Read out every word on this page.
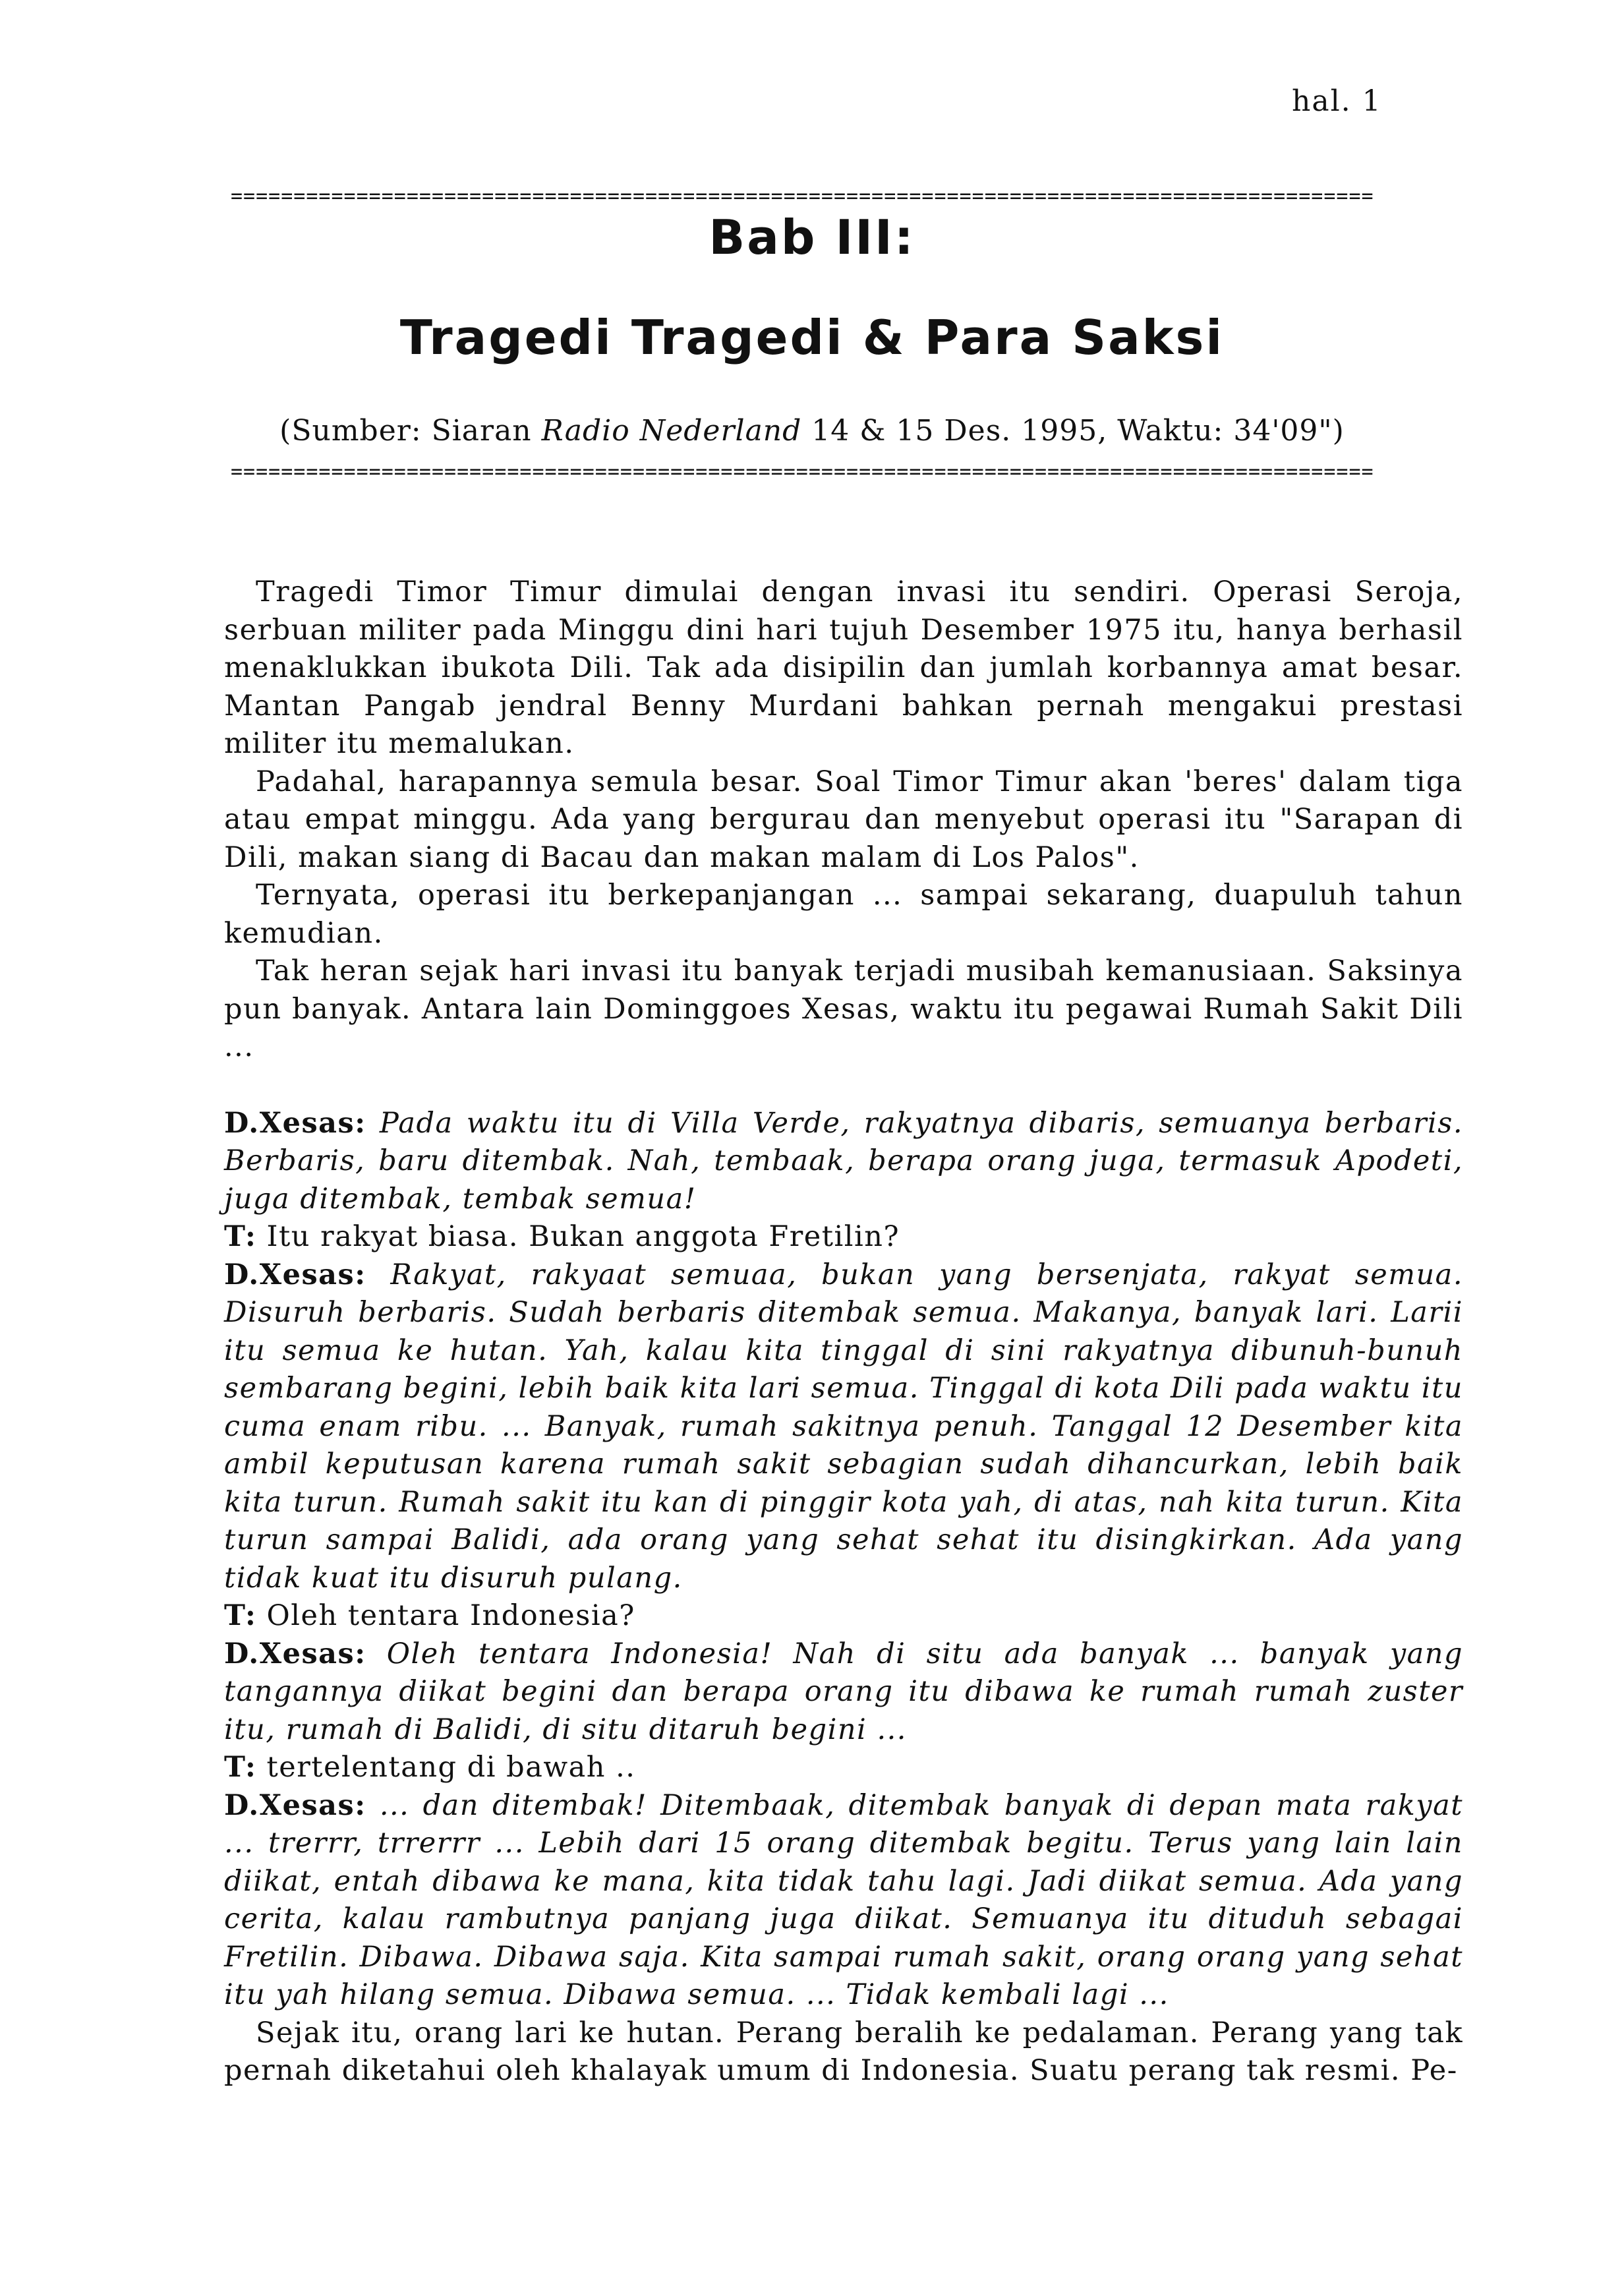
hal. 1
===========================================================================================
Bab III:
Tragedi Tragedi & Para Saksi
(Sumber: Siaran Radio Nederland 14 & 15 Des. 1995, Waktu: 34'09")
===========================================================================================

Tragedi Timor Timur dimulai dengan invasi itu sendiri. Operasi Seroja, serbuan militer pada Minggu dini hari tujuh Desember 1975 itu, hanya berhasil menaklukkan ibukota Dili. Tak ada disipilin dan jumlah korbannya amat besar. Mantan Pangab jendral Benny Murdani bahkan pernah mengakui prestasi militer itu memalukan.

Padahal, harapannya semula besar. Soal Timor Timur akan 'beres' dalam tiga atau empat minggu. Ada yang bergurau dan menyebut operasi itu "Sarapan di Dili, makan siang di Bacau dan makan malam di Los Palos".

Ternyata, operasi itu berkepanjangan ... sampai sekarang, duapuluh tahun kemudian.

Tak heran sejak hari invasi itu banyak terjadi musibah kemanusiaan. Saksinya pun banyak. Antara lain Dominggoes Xesas, waktu itu pegawai Rumah Sakit Dili ...

D.Xesas: Pada waktu itu di Villa Verde, rakyatnya dibaris, semuanya berbaris. Berbaris, baru ditembak. Nah, tembaak, berapa orang juga, termasuk Apodeti, juga ditembak, tembak semua!

T: Itu rakyat biasa. Bukan anggota Fretilin?

D.Xesas: Rakyat, rakyaat semuaa, bukan yang bersenjata, rakyat semua. Disuruh berbaris. Sudah berbaris ditembak semua. Makanya, banyak lari. Larii itu semua ke hutan. Yah, kalau kita tinggal di sini rakyatnya dibunuh-bunuh sembarang begini, lebih baik kita lari semua. Tinggal di kota Dili pada waktu itu cuma enam ribu. ... Banyak, rumah sakitnya penuh. Tanggal 12 Desember kita ambil keputusan karena rumah sakit sebagian sudah dihancurkan, lebih baik kita turun. Rumah sakit itu kan di pinggir kota yah, di atas, nah kita turun. Kita turun sampai Balidi, ada orang yang sehat sehat itu disingkirkan. Ada yang tidak kuat itu disuruh pulang.

T: Oleh tentara Indonesia?

D.Xesas: Oleh tentara Indonesia! Nah di situ ada banyak ... banyak yang tangannya diikat begini dan berapa orang itu dibawa ke rumah rumah zuster itu, rumah di Balidi, di situ ditaruh begini ...

T: tertelentang di bawah ..

D.Xesas: ... dan ditembak! Ditembaak, ditembak banyak di depan mata rakyat ... trerrr, trrerrr ... Lebih dari 15 orang ditembak begitu. Terus yang lain lain diikat, entah dibawa ke mana, kita tidak tahu lagi. Jadi diikat semua. Ada yang cerita, kalau rambutnya panjang juga diikat. Semuanya itu dituduh sebagai Fretilin. Dibawa. Dibawa saja. Kita sampai rumah sakit, orang orang yang sehat itu yah hilang semua. Dibawa semua. ... Tidak kembali lagi ...

Sejak itu, orang lari ke hutan. Perang beralih ke pedalaman. Perang yang tak pernah diketahui oleh khalayak umum di Indonesia. Suatu perang tak resmi. Pe-
